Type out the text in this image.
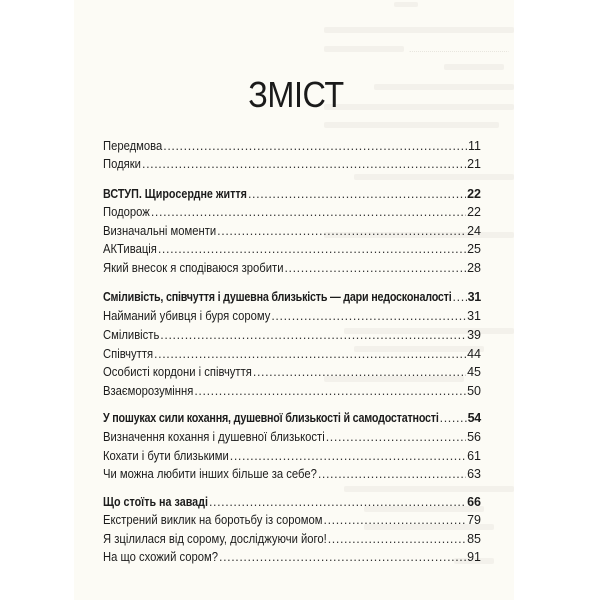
ЗМІСТ
Передмова .....	11
Подяки .....	21
ВСТУП. Щиросердне життя .....	22
Подорож .....	22
Визначальні моменти .....	24
АКТивація .....	25
Який внесок я сподіваюся зробити .....	28
Сміливість, співчуття і душевна близькість — дари недосконалості ..... 31
Найманий убивця і буря сорому .....	31
Сміливість .....	39
Співчуття .....	44
Особисті кордони і співчуття .....	45
Взаєморозуміння .....	50
У пошуках сили кохання, душевної близькості й самодостатності ..... 54
Визначення кохання і душевної близькості .....	56
Кохати і бути близькими .....	61
Чи можна любити інших більше за себе? .....	63
Що стоїть на заваді .....	66
Екстрений виклик на боротьбу із соромом .....	79
Я зцілилася від сорому, досліджуючи його! .....	85
На що схожий сором? .....	91
